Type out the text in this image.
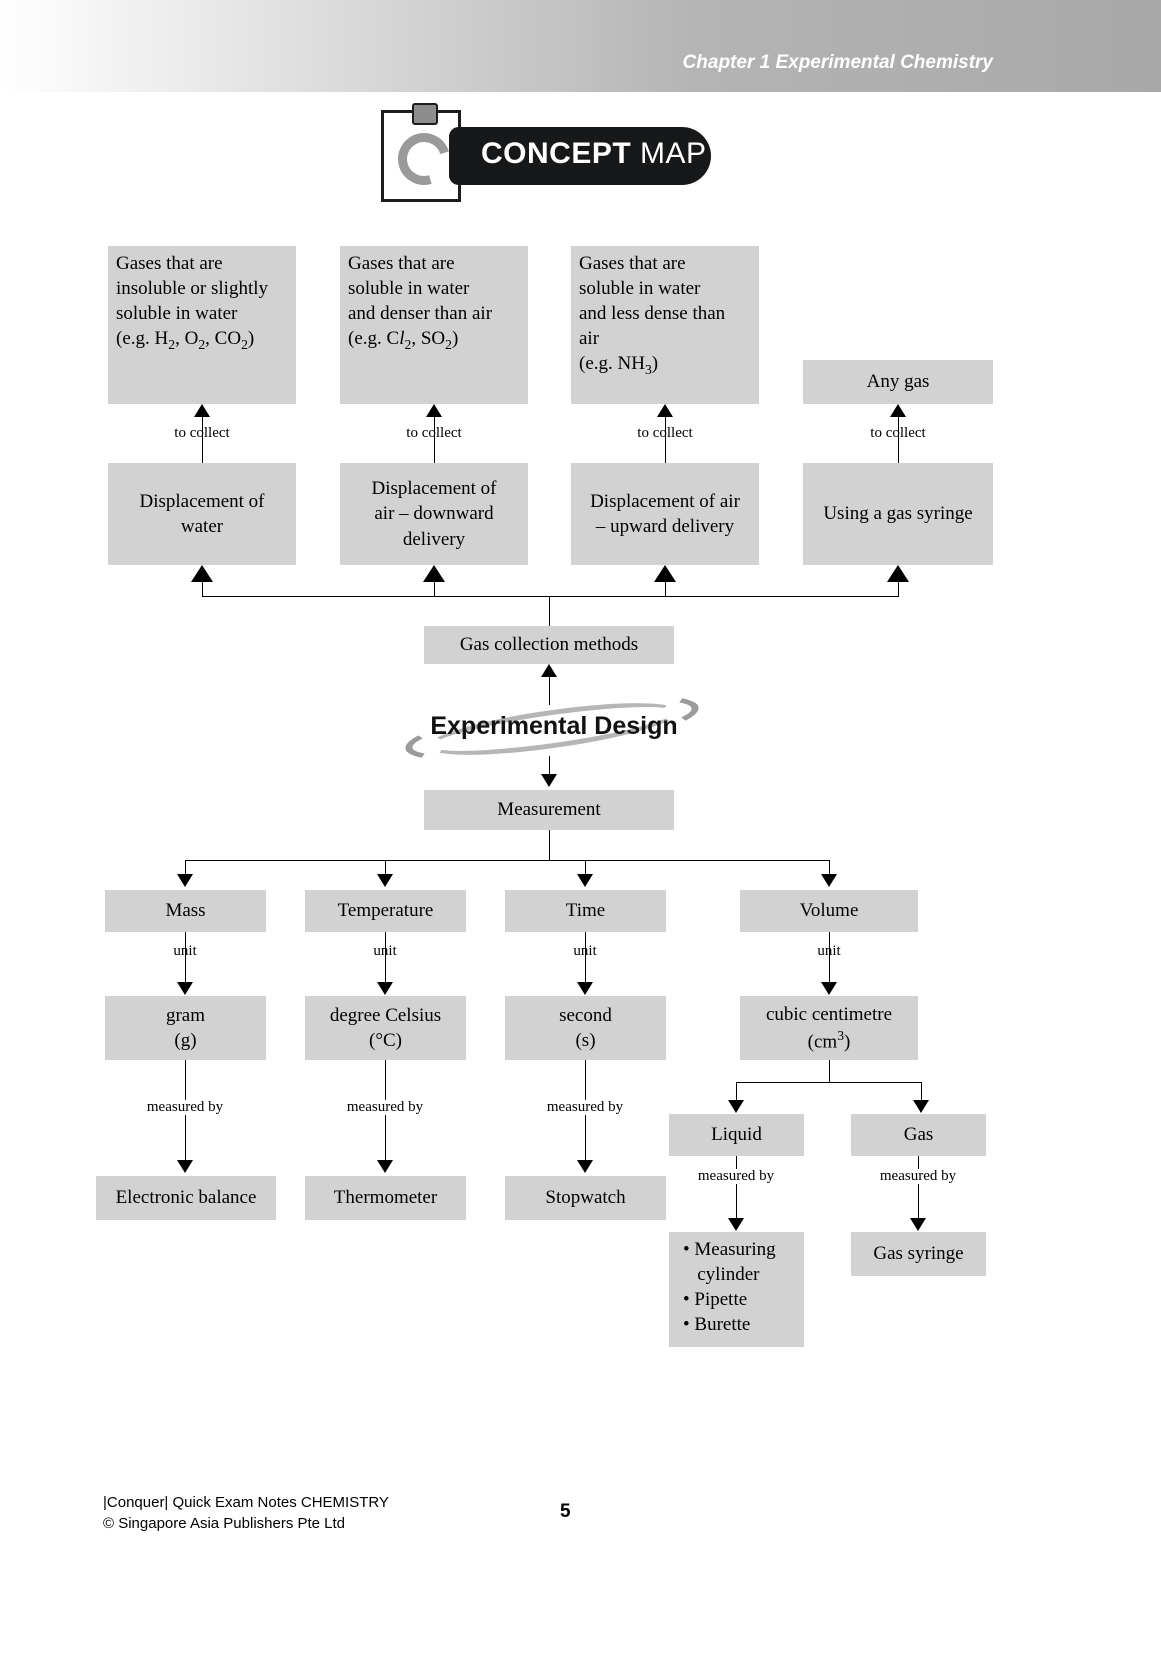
Chapter 1 Experimental Chemistry
CONCEPT MAP
Gases that are
insoluble or slightly
soluble in water
(e.g. $H_2$, $O_2$, $CO_2$)
Gases that are
soluble in water
and denser than air
(e.g. $Cl_2$, $SO_2$)
Gases that are
soluble in water
and less dense than
air
(e.g. $NH_3$)
Any gas
to collect	to collect	to collect	to collect
Displacement of
water
Displacement of
air – downward
delivery
Displacement of air
– upward delivery
Using a gas syringe
Gas collection methods
Experimental Design
Measurement
Mass	Temperature	Time	Volume
unit	unit	unit	unit
gram
(g)
degree Celsius
(°C)
second
(s)
cubic centimetre
$(cm^3)$
measured by	measured by	measured by
Electronic balance	Thermometer	Stopwatch
Liquid	Gas
measured by	measured by
• Measuring
cylinder
• Pipette
• Burette
Gas syringe
|Conquer| Quick Exam Notes CHEMISTRY
© Singapore Asia Publishers Pte Ltd
5
